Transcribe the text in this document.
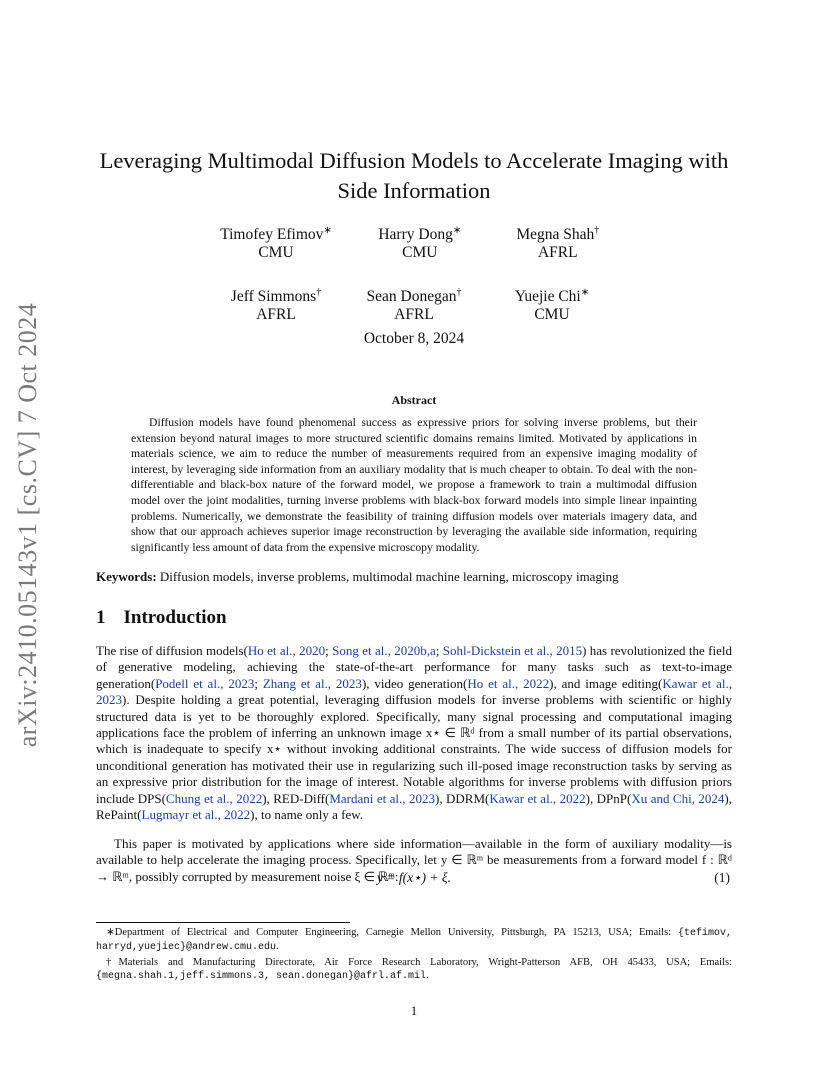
arXiv:2410.05143v1 [cs.CV] 7 Oct 2024
Leveraging Multimodal Diffusion Models to Accelerate Imaging with Side Information
Timofey Efimov∗
CMU
Harry Dong∗
CMU
Megna Shah†
AFRL
Jeff Simmons†
AFRL
Sean Donegan†
AFRL
Yuejie Chi∗
CMU
October 8, 2024
Abstract
Diffusion models have found phenomenal success as expressive priors for solving inverse problems, but their extension beyond natural images to more structured scientific domains remains limited. Motivated by applications in materials science, we aim to reduce the number of measurements required from an expensive imaging modality of interest, by leveraging side information from an auxiliary modality that is much cheaper to obtain. To deal with the non-differentiable and black-box nature of the forward model, we propose a framework to train a multimodal diffusion model over the joint modalities, turning inverse problems with black-box forward models into simple linear inpainting problems. Numerically, we demonstrate the feasibility of training diffusion models over materials imagery data, and show that our approach achieves superior image reconstruction by leveraging the available side information, requiring significantly less amount of data from the expensive microscopy modality.
Keywords: Diffusion models, inverse problems, multimodal machine learning, microscopy imaging
1 Introduction
The rise of diffusion models(Ho et al., 2020; Song et al., 2020b,a; Sohl-Dickstein et al., 2015) has revolutionized the field of generative modeling, achieving the state-of-the-art performance for many tasks such as text-to-image generation(Podell et al., 2023; Zhang et al., 2023), video generation(Ho et al., 2022), and image editing(Kawar et al., 2023). Despite holding a great potential, leveraging diffusion models for inverse problems with scientific or highly structured data is yet to be thoroughly explored. Specifically, many signal processing and computational imaging applications face the problem of inferring an unknown image x⋆ ∈ ℝᵈ from a small number of its partial observations, which is inadequate to specify x⋆ without invoking additional constraints. The wide success of diffusion models for unconditional generation has motivated their use in regularizing such ill-posed image reconstruction tasks by serving as an expressive prior distribution for the image of interest. Notable algorithms for inverse problems with diffusion priors include DPS(Chung et al., 2022), RED-Diff(Mardani et al., 2023), DDRM(Kawar et al., 2022), DPnP(Xu and Chi, 2024), RePaint(Lugmayr et al., 2022), to name only a few.
This paper is motivated by applications where side information—available in the form of auxiliary modality—is available to help accelerate the imaging process. Specifically, let y ∈ ℝᵐ be measurements from a forward model f : ℝᵈ → ℝᵐ, possibly corrupted by measurement noise ξ ∈ ℝᵐ:
y = f(x⋆) + ξ.	(1)

∗Department of Electrical and Computer Engineering, Carnegie Mellon University, Pittsburgh, PA 15213, USA; Emails: {tefimov, harryd,yuejiec}@andrew.cmu.edu.

†Materials and Manufacturing Directorate, Air Force Research Laboratory, Wright-Patterson AFB, OH 45433, USA; Emails: {megna.shah.1,jeff.simmons.3, sean.donegan}@afrl.af.mil.

1
